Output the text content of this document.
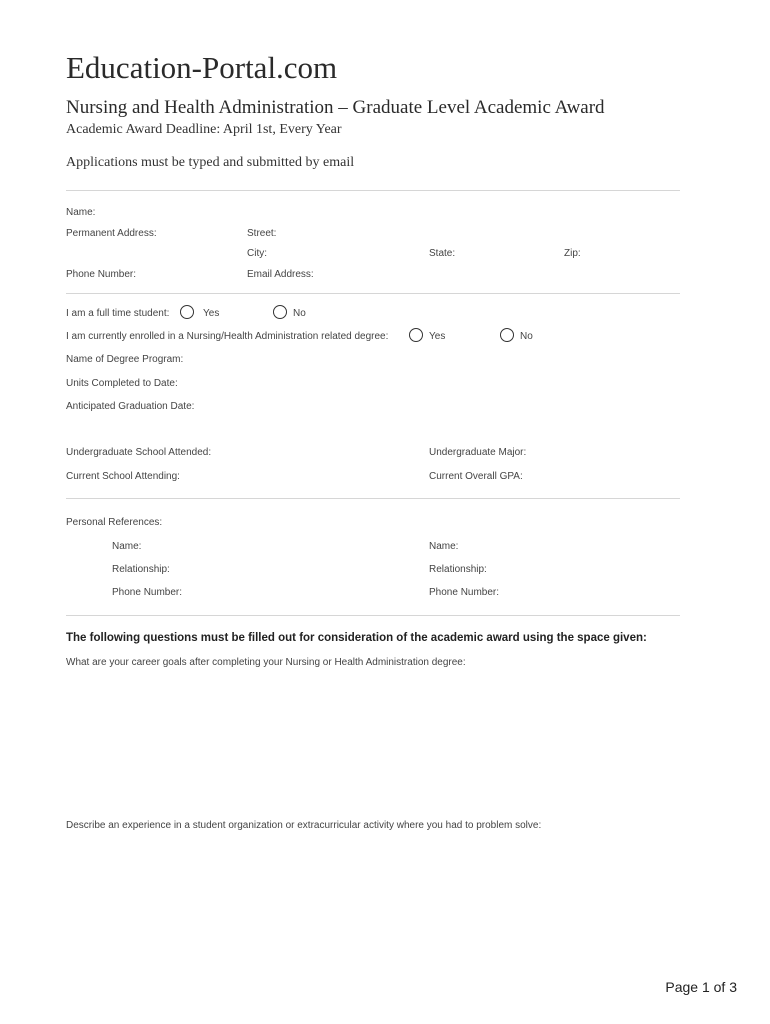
Education-Portal.com
Nursing and Health Administration – Graduate Level Academic Award
Academic Award Deadline: April 1st, Every Year
Applications must be typed and submitted by email
Name:
Permanent Address:	Street:
City:	State:	Zip:
Phone Number:	Email Address:
I am a full time student:	Yes	No
I am currently enrolled in a Nursing/Health Administration related degree:	Yes	No
Name of Degree Program:
Units Completed to Date:
Anticipated Graduation Date:
Undergraduate School Attended:	Undergraduate Major:
Current School Attending:	Current Overall GPA:
Personal References:
Name:	Name:
Relationship:	Relationship:
Phone Number:	Phone Number:
The following questions must be filled out for consideration of the academic award using the space given:
What are your career goals after completing your Nursing or Health Administration degree:
Describe an experience in a student organization or extracurricular activity where you had to problem solve:
Page 1 of 3
